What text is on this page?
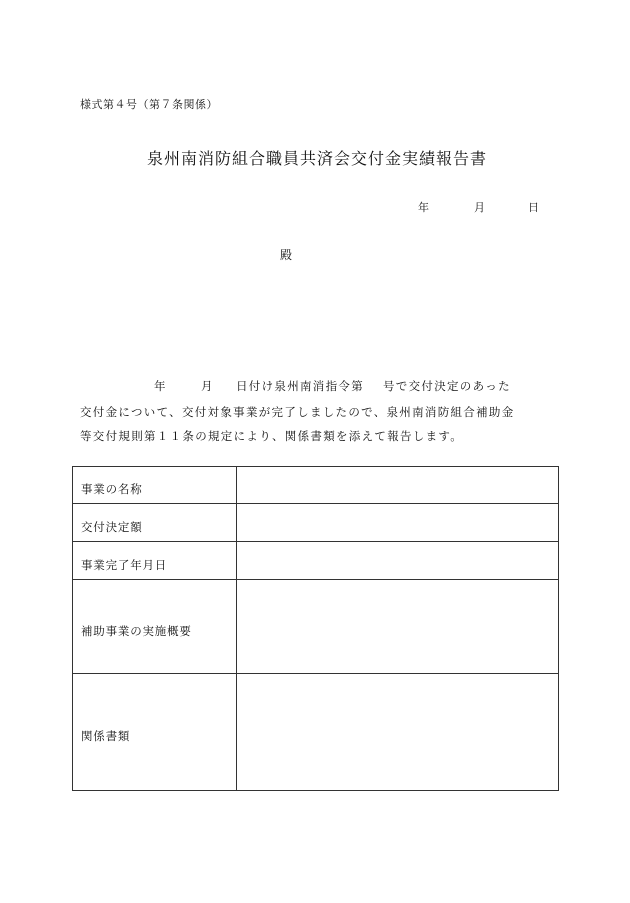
様式第４号（第７条関係）
泉州南消防組合職員共済会交付金実績報告書
年	月	日
殿
年	月 日付け泉州南消指令第 号で交付決定のあった
交付金について、交付対象事業が完了しましたので、泉州南消防組合補助金
等交付規則第１１条の規定により、関係書類を添えて報告します。
事業の名称	
交付決定額	
事業完了年月日	
補助事業の実施概要	
関係書類	
